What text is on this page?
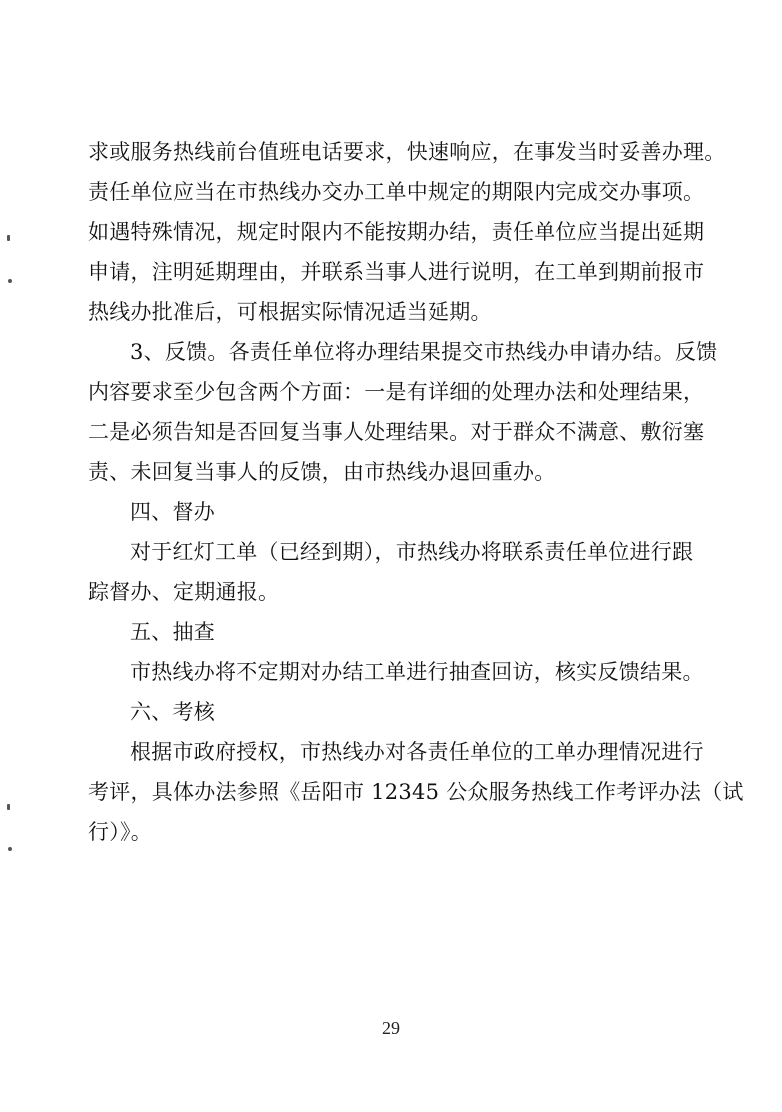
求或服务热线前台值班电话要求，快速响应，在事发当时妥善办理。
责任单位应当在市热线办交办工单中规定的期限内完成交办事项。
如遇特殊情况，规定时限内不能按期办结，责任单位应当提出延期
申请，注明延期理由，并联系当事人进行说明，在工单到期前报市
热线办批准后，可根据实际情况适当延期。
3、反馈。各责任单位将办理结果提交市热线办申请办结。反馈
内容要求至少包含两个方面：一是有详细的处理办法和处理结果，
二是必须告知是否回复当事人处理结果。对于群众不满意、敷衍塞
责、未回复当事人的反馈，由市热线办退回重办。
四、督办
对于红灯工单（已经到期），市热线办将联系责任单位进行跟
踪督办、定期通报。
五、抽查
市热线办将不定期对办结工单进行抽查回访，核实反馈结果。
六、考核
根据市政府授权，市热线办对各责任单位的工单办理情况进行
考评，具体办法参照《岳阳市 12345 公众服务热线工作考评办法（试
行）》。
29
